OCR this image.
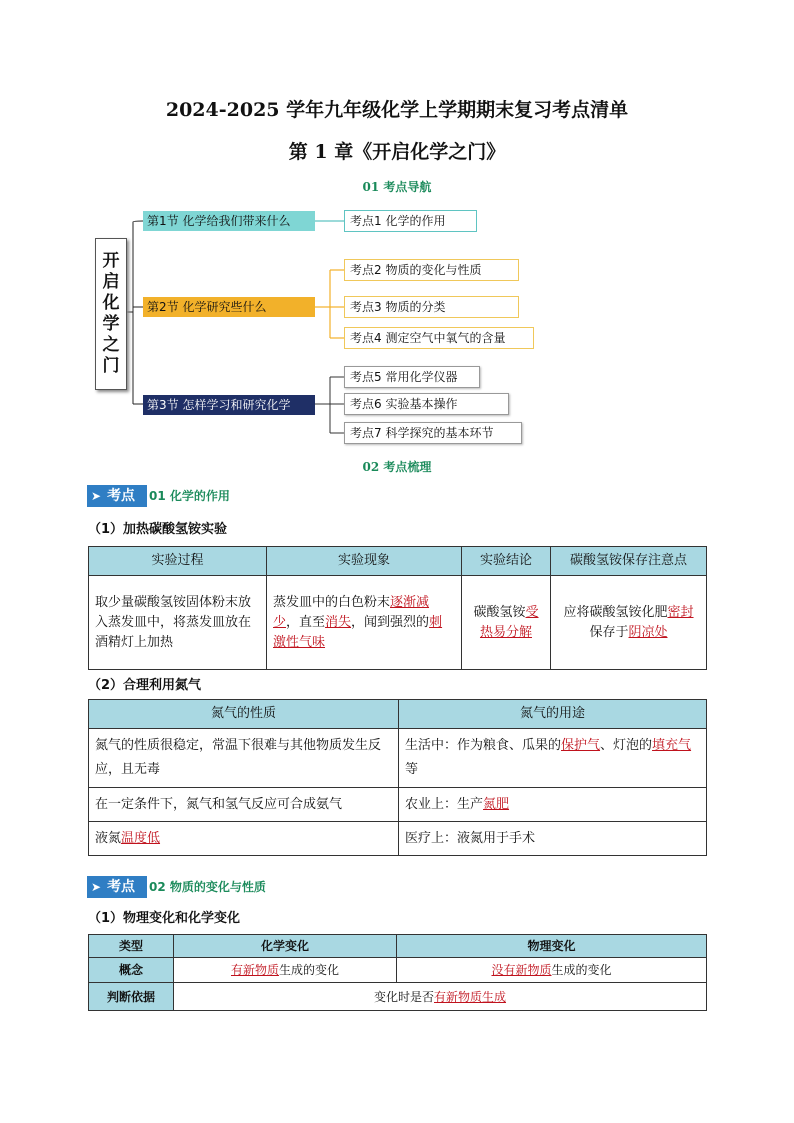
2024-2025 学年九年级化学上学期期末复习考点清单
第 1 章《开启化学之门》
01 考点导航
开启化学之门
第1节 化学给我们带来什么
第2节 化学研究些什么
第3节 怎样学习和研究化学
考点1 化学的作用
考点2 物质的变化与性质
考点3 物质的分类
考点4 测定空气中氧气的含量
考点5 常用化学仪器
考点6 实验基本操作
考点7 科学探究的基本环节
02 考点梳理
➤ 考点	01 化学的作用
（1）加热碳酸氢铵实验
实验过程	实验现象	实验结论	碳酸氢铵保存注意点
取少量碳酸氢铵固体粉末放入蒸发皿中，将蒸发皿放在酒精灯上加热	蒸发皿中的白色粉末逐渐减少，直至消失，闻到强烈的刺激性气味	碳酸氢铵受热易分解	应将碳酸氢铵化肥密封
保存于阴凉处
（2）合理利用氮气
氮气的性质	氮气的用途
氮气的性质很稳定，常温下很难与其他物质发生反应，且无毒	生活中：作为粮食、瓜果的保护气、灯泡的填充气等
在一定条件下，氮气和氢气反应可合成氨气	农业上：生产氮肥
液氮温度低	医疗上：液氮用于手术
➤ 考点	02 物质的变化与性质
（1）物理变化和化学变化
类型	化学变化	物理变化
概念	有新物质生成的变化	没有新物质生成的变化
判断依据	变化时是否有新物质生成	
